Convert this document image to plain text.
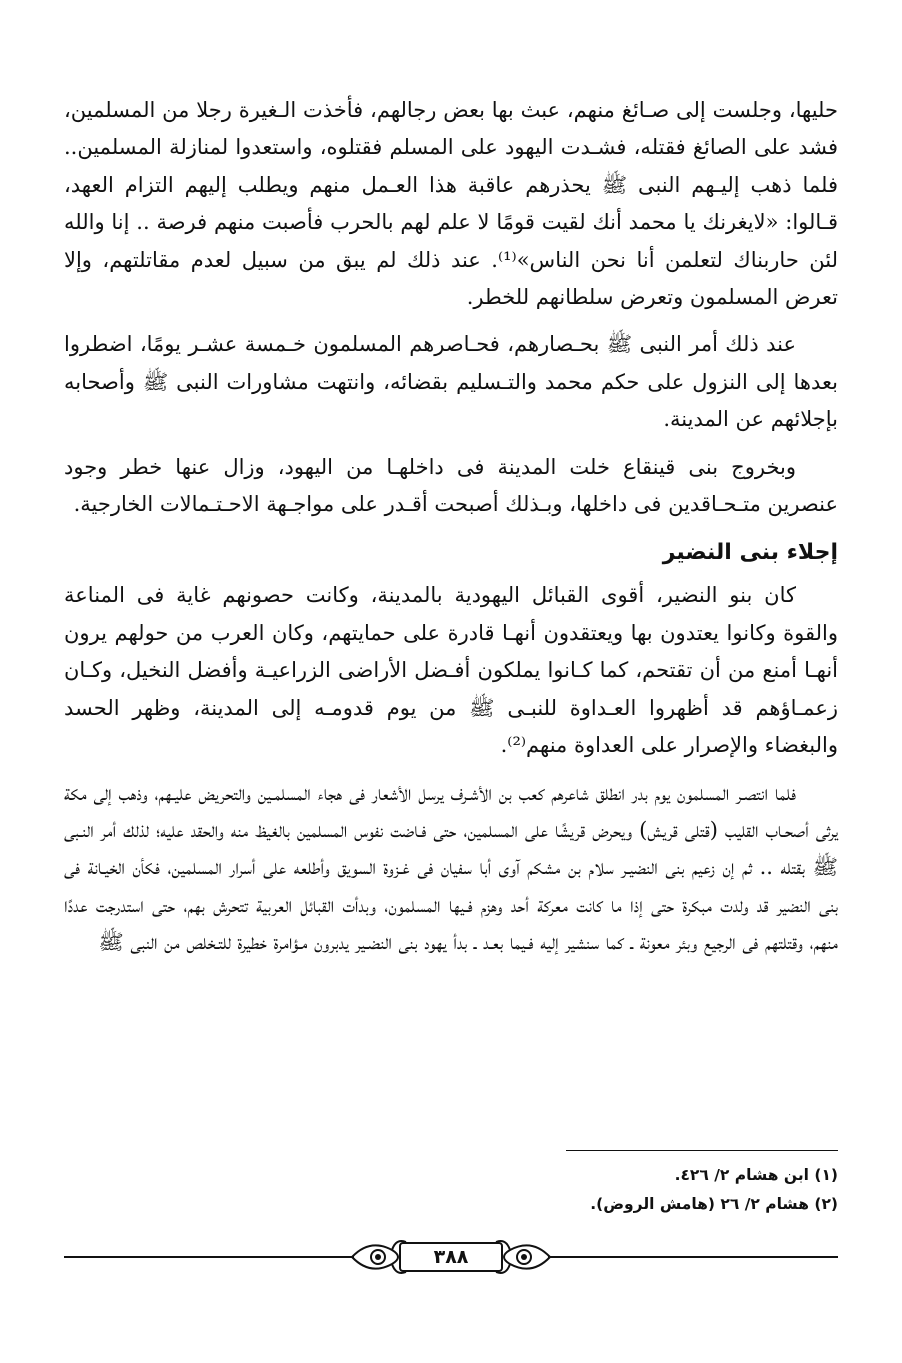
حليها، وجلست إلى صـائغ منهم، عبث بها بعض رجالهم، فأخذت الـغيرة رجلا من المسلمين، فشد على الصائغ فقتله، فشـدت اليهود على المسلم فقتلوه، واستعدوا لمنازلة المسلمين.. فلما ذهب إليـهم النبى ﷺ يحذرهم عاقبة هذا العـمل منهم ويطلب إليهم التزام العهد، قـالوا: «لايغرنك يا محمد أنك لقيت قومًا لا علم لهم بالحرب فأصبت منهم فرصة .. إنا والله لئن حاربناك لتعلمن أنا نحن الناس»⁽¹⁾. عند ذلك لم يبق من سبيل لعدم مقاتلتهم، وإلا تعرض المسلمون وتعرض سلطانهم للخطر.

عند ذلك أمر النبى ﷺ بحـصارهم، فحـاصرهم المسلمون خـمسة عشـر يومًا، اضطروا بعدها إلى النزول على حكم محمد والتـسليم بقضائه، وانتهت مشاورات النبى ﷺ وأصحابه بإجلائهم عن المدينة.

وبخروج بنى قينقاع خلت المدينة فى داخلهـا من اليهود، وزال عنها خطر وجود عنصرين متـحـاقدين فى داخلها، وبـذلك أصبحت أقـدر على مواجـهة الاحـتـمالات الخارجية.

إجلاء بنى النضير

كان بنو النضير، أقوى القبائل اليهودية بالمدينة، وكانت حصونهم غاية فى المناعة والقوة وكانوا يعتدون بها ويعتقدون أنهـا قادرة على حمايتهم، وكان العرب من حولهم يرون أنهـا أمنع من أن تقتحم، كما كـانوا يملكون أفـضل الأراضى الزراعيـة وأفضل النخيل، وكـان زعمـاؤهم قد أظهروا العـداوة للنبـى ﷺ من يوم قدومـه إلى المدينة، وظهر الحسد والبغضاء والإصرار على العداوة منهم⁽²⁾.

فلما انتصـر المسلمون يوم بدر انطلق شاعرهم كعب بن الأشـرف يرسل الأشعار فى هجاء المسلمـين والتحريض عليـهم، وذهب إلى مكة يرثى أصحـاب القليب (قتلى قريش) ويحرض قريشًا على المسلمين، حتى فـاضت نفوس المسلمين بالغيظ منه والحقد عليه؛ لذلك أمر النـبى ﷺ بقتله .. ثم إن زعيم بنى النضيـر سلام بن مشكم آوى أبا سفيان فى غـزوة السويق وأطلعه على أسرار المسلمين، فكأن الخيـانة فى بنى النضير قد ولدت مبكرة حتى إذا ما كانت معركة أحد وهزم فـيها المسلمون، وبدأت القبائل العربية تتحرش بهم، حتى استدرجت عددًا منهم، وقتلتهم فى الرجيع وبئر معونة ـ كما سنشير إليه فـيما بعـد ـ بدأ يهود بنى النضـير يدبرون مـؤامرة خطيرة للتـخلص من النبى ﷺ

(١) ابن هشام ٢/ ٤٢٦.
(٢) هشام ٢/ ٢٦ (هامش الروض).
٣٨٨
